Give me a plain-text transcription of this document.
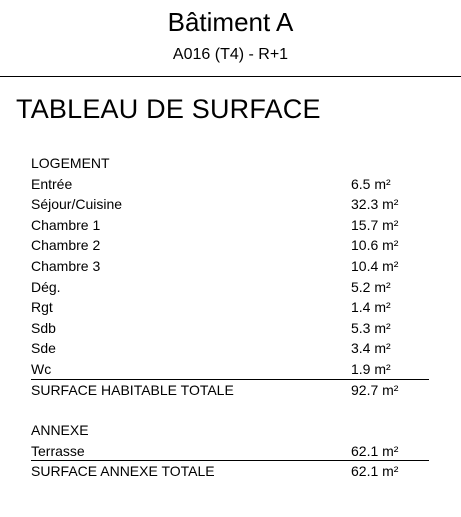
Bâtiment A
A016 (T4) - R+1
TABLEAU DE SURFACE
LOGEMENT
Entrée	6.5 m²
Séjour/Cuisine	32.3 m²
Chambre 1	15.7 m²
Chambre 2	10.6 m²
Chambre 3	10.4 m²
Dég.	5.2 m²
Rgt	1.4 m²
Sdb	5.3 m²
Sde	3.4 m²
Wc	1.9 m²
SURFACE HABITABLE TOTALE	92.7 m²
ANNEXE
Terrasse	62.1 m²
SURFACE ANNEXE TOTALE	62.1 m²
